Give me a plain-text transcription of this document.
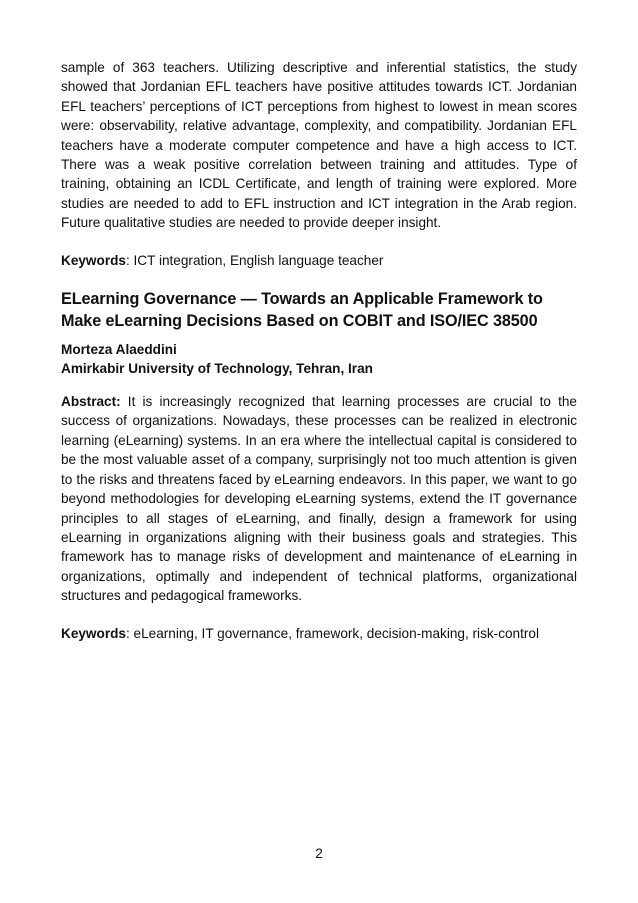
sample of 363 teachers. Utilizing descriptive and inferential statistics, the study showed that Jordanian EFL teachers have positive attitudes towards ICT. Jordanian EFL teachers’ perceptions of ICT perceptions from highest to lowest in mean scores were: observability, relative advantage, complexity, and compatibility. Jordanian EFL teachers have a moderate computer competence and have a high access to ICT. There was a weak positive correlation between training and attitudes. Type of training, obtaining an ICDL Certificate, and length of training were explored. More studies are needed to add to EFL instruction and ICT integration in the Arab region. Future qualitative studies are needed to provide deeper insight.

Keywords: ICT integration, English language teacher

ELearning Governance — Towards an Applicable Framework to Make eLearning Decisions Based on COBIT and ISO/IEC 38500

Morteza Alaeddini

Amirkabir University of Technology, Tehran, Iran

Abstract: It is increasingly recognized that learning processes are crucial to the success of organizations. Nowadays, these processes can be realized in electronic learning (eLearning) systems. In an era where the intellectual capital is considered to be the most valuable asset of a company, surprisingly not too much attention is given to the risks and threatens faced by eLearning endeavors. In this paper, we want to go beyond methodologies for developing eLearning systems, extend the IT governance principles to all stages of eLearning, and finally, design a framework for using eLearning in organizations aligning with their business goals and strategies. This framework has to manage risks of development and maintenance of eLearning in organizations, optimally and independent of technical platforms, organizational structures and pedagogical frameworks.

Keywords: eLearning, IT governance, framework, decision-making, risk-control

2
